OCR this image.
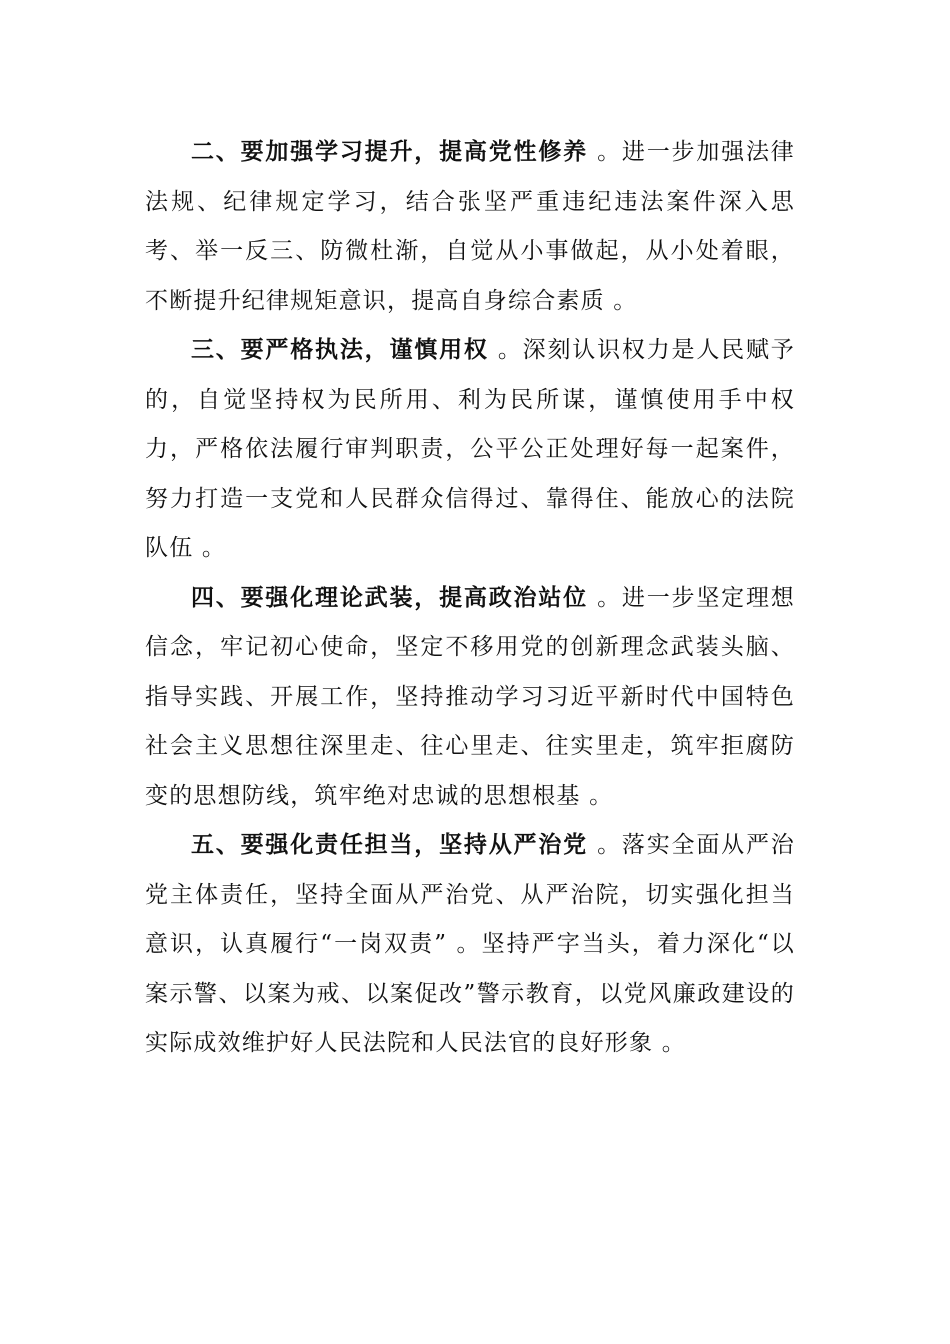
二、要加强学习提升，提高党性修养 。进一步加强法律法规、纪律规定学习，结合张坚严重违纪违法案件深入思考、举一反三、防微杜渐，自觉从小事做起，从小处着眼，不断提升纪律规矩意识，提高自身综合素质 。

三、要严格执法，谨慎用权 。深刻认识权力是人民赋予的，自觉坚持权为民所用、利为民所谋，谨慎使用手中权力，严格依法履行审判职责，公平公正处理好每一起案件，努力打造一支党和人民群众信得过、靠得住、能放心的法院队伍 。

四、要强化理论武装，提高政治站位 。进一步坚定理想信念，牢记初心使命，坚定不移用党的创新理念武装头脑、指导实践、开展工作，坚持推动学习习近平新时代中国特色社会主义思想往深里走、往心里走、往实里走，筑牢拒腐防变的思想防线，筑牢绝对忠诚的思想根基 。

五、要强化责任担当，坚持从严治党 。落实全面从严治党主体责任，坚持全面从严治党、从严治院，切实强化担当意识，认真履行“一岗双责” 。坚持严字当头，着力深化“以案示警、以案为戒、以案促改”警示教育，以党风廉政建设的实际成效维护好人民法院和人民法官的良好形象 。
